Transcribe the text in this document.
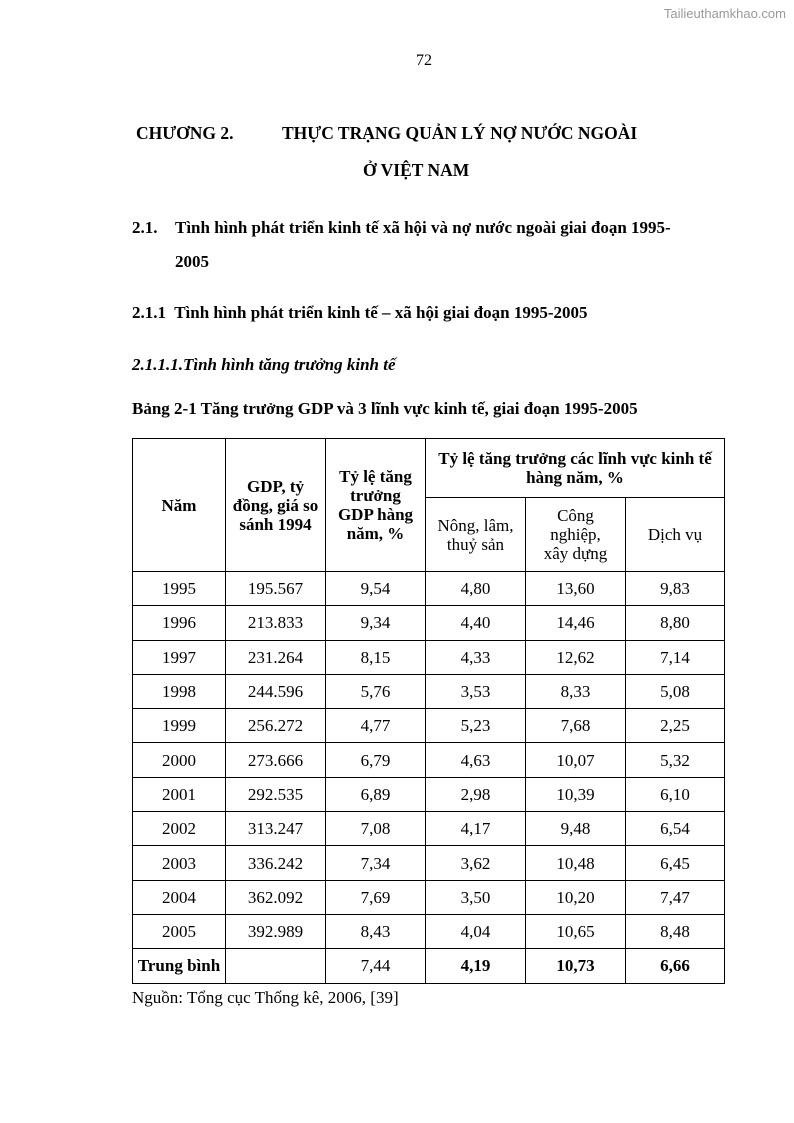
Tailieuthamkhao.com
72
CHƯƠNG 2.	THỰC TRẠNG QUẢN LÝ NỢ NƯỚC NGOÀI
Ở VIỆT NAM
2.1. Tình hình phát triển kinh tế xã hội và nợ nước ngoài giai đoạn 1995-
2005
2.1.1  Tình hình phát triển kinh tế – xã hội giai đoạn 1995-2005
2.1.1.1.Tình hình tăng trưởng kinh tế
Bảng 2-1 Tăng trưởng GDP và 3 lĩnh vực kinh tế, giai đoạn 1995-2005
Năm	GDP, tỷ đồng, giá so sánh 1994	Tỷ lệ tăng trưởng GDP hàng năm, %	Tỷ lệ tăng trưởng các lĩnh vực kinh tế hàng năm, %		
			Nông, lâm, thuỷ sản	Công nghiệp, xây dựng	Dịch vụ
1995	195.567	9,54	4,80	13,60	9,83
1996	213.833	9,34	4,40	14,46	8,80
1997	231.264	8,15	4,33	12,62	7,14
1998	244.596	5,76	3,53	8,33	5,08
1999	256.272	4,77	5,23	7,68	2,25
2000	273.666	6,79	4,63	10,07	5,32
2001	292.535	6,89	2,98	10,39	6,10
2002	313.247	7,08	4,17	9,48	6,54
2003	336.242	7,34	3,62	10,48	6,45
2004	362.092	7,69	3,50	10,20	7,47
2005	392.989	8,43	4,04	10,65	8,48
Trung bình		7,44	4,19	10,73	6,66
Nguồn: Tổng cục Thống kê, 2006, [39]
